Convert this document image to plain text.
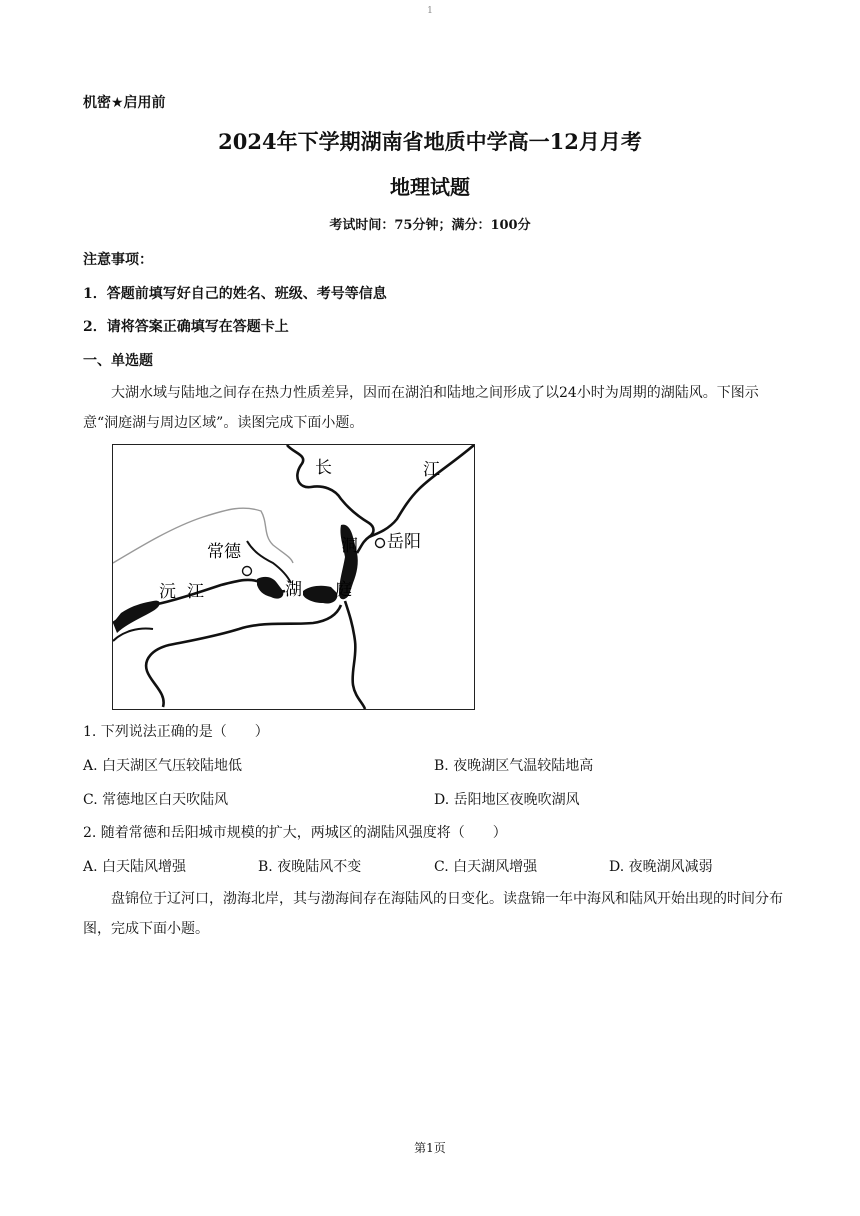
1
机密★启用前
2024年下学期湖南省地质中学高一12月月考
地理试题
考试时间：75分钟；满分：100分
注意事项：
1．答题前填写好自己的姓名、班级、考号等信息
2．请将答案正确填写在答题卡上
一、单选题
大湖水域与陆地之间存在热力性质差异，因而在湖泊和陆地之间形成了以24小时为周期的湖陆风。下图示意“洞庭湖与周边区域”。读图完成下面小题。
长	江
常德	洞 岳阳
沅 江	湖 庭
1. 下列说法正确的是（　　）
A. 白天湖区气压较陆地低	B. 夜晚湖区气温较陆地高
C. 常德地区白天吹陆风	D. 岳阳地区夜晚吹湖风
2. 随着常德和岳阳城市规模的扩大，两城区的湖陆风强度将（　　）
A. 白天陆风增强	B. 夜晚陆风不变	C. 白天湖风增强	D. 夜晚湖风减弱
盘锦位于辽河口，渤海北岸，其与渤海间存在海陆风的日变化。读盘锦一年中海风和陆风开始出现的时间分布图，完成下面小题。
第1页
